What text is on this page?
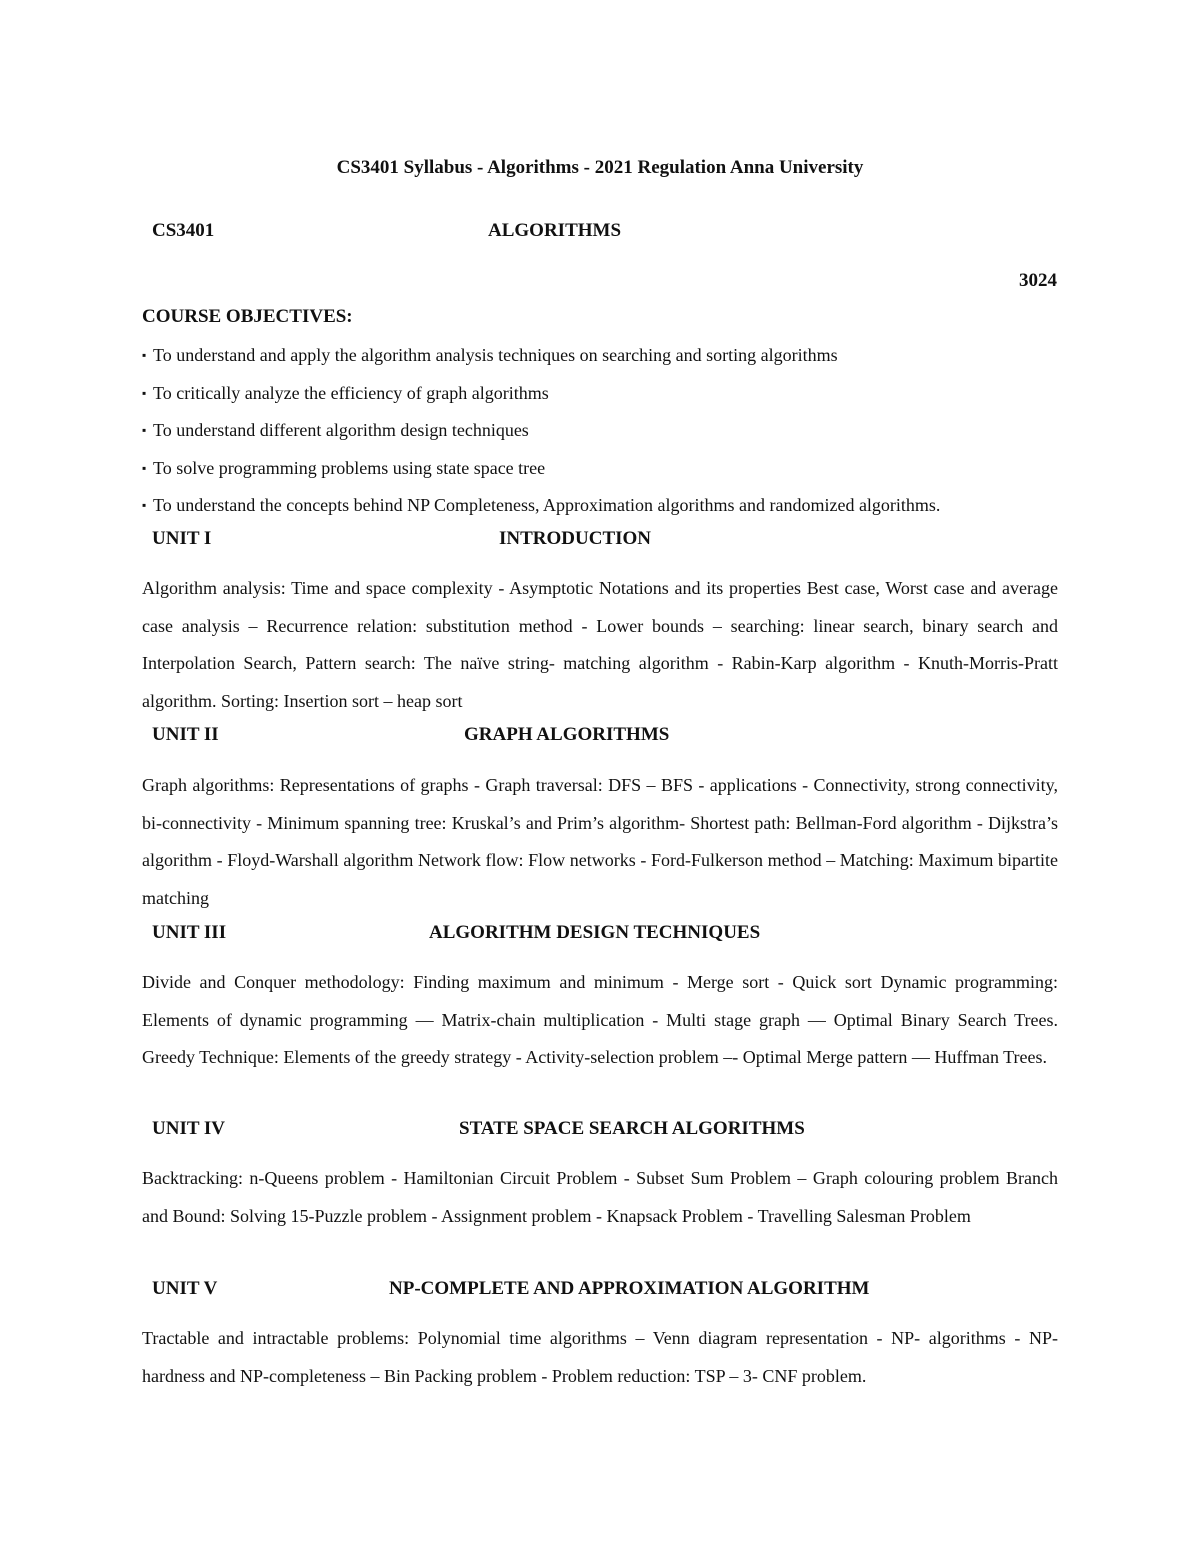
CS3401 Syllabus - Algorithms - 2021 Regulation Anna University
CS3401	ALGORITHMS
3024
COURSE OBJECTIVES:
▪ To understand and apply the algorithm analysis techniques on searching and sorting algorithms
▪ To critically analyze the efficiency of graph algorithms
▪ To understand different algorithm design techniques
▪ To solve programming problems using state space tree
▪ To understand the concepts behind NP Completeness, Approximation algorithms and randomized algorithms.
UNIT I	INTRODUCTION

Algorithm analysis: Time and space complexity - Asymptotic Notations and its properties Best case, Worst case and average case analysis – Recurrence relation: substitution method - Lower bounds – searching: linear search, binary search and Interpolation Search, Pattern search: The naïve string- matching algorithm - Rabin-Karp algorithm - Knuth-Morris-Pratt algorithm. Sorting: Insertion sort – heap sort

UNIT II	GRAPH ALGORITHMS

Graph algorithms: Representations of graphs - Graph traversal: DFS – BFS - applications - Connectivity, strong connectivity, bi-connectivity - Minimum spanning tree: Kruskal’s and Prim’s algorithm- Shortest path: Bellman-Ford algorithm - Dijkstra’s algorithm - Floyd-Warshall algorithm Network flow: Flow networks - Ford-Fulkerson method – Matching: Maximum bipartite matching

UNIT III	ALGORITHM DESIGN TECHNIQUES

Divide and Conquer methodology: Finding maximum and minimum - Merge sort - Quick sort Dynamic programming: Elements of dynamic programming — Matrix-chain multiplication - Multi stage graph — Optimal Binary Search Trees. Greedy Technique: Elements of the greedy strategy - Activity-selection problem –- Optimal Merge pattern — Huffman Trees.

UNIT IV	STATE SPACE SEARCH ALGORITHMS

Backtracking: n-Queens problem - Hamiltonian Circuit Problem - Subset Sum Problem – Graph colouring problem Branch and Bound: Solving 15-Puzzle problem - Assignment problem - Knapsack Problem - Travelling Salesman Problem

UNIT V	NP-COMPLETE AND APPROXIMATION ALGORITHM

Tractable and intractable problems: Polynomial time algorithms – Venn diagram representation - NP- algorithms - NP-hardness and NP-completeness – Bin Packing problem - Problem reduction: TSP – 3- CNF problem.
